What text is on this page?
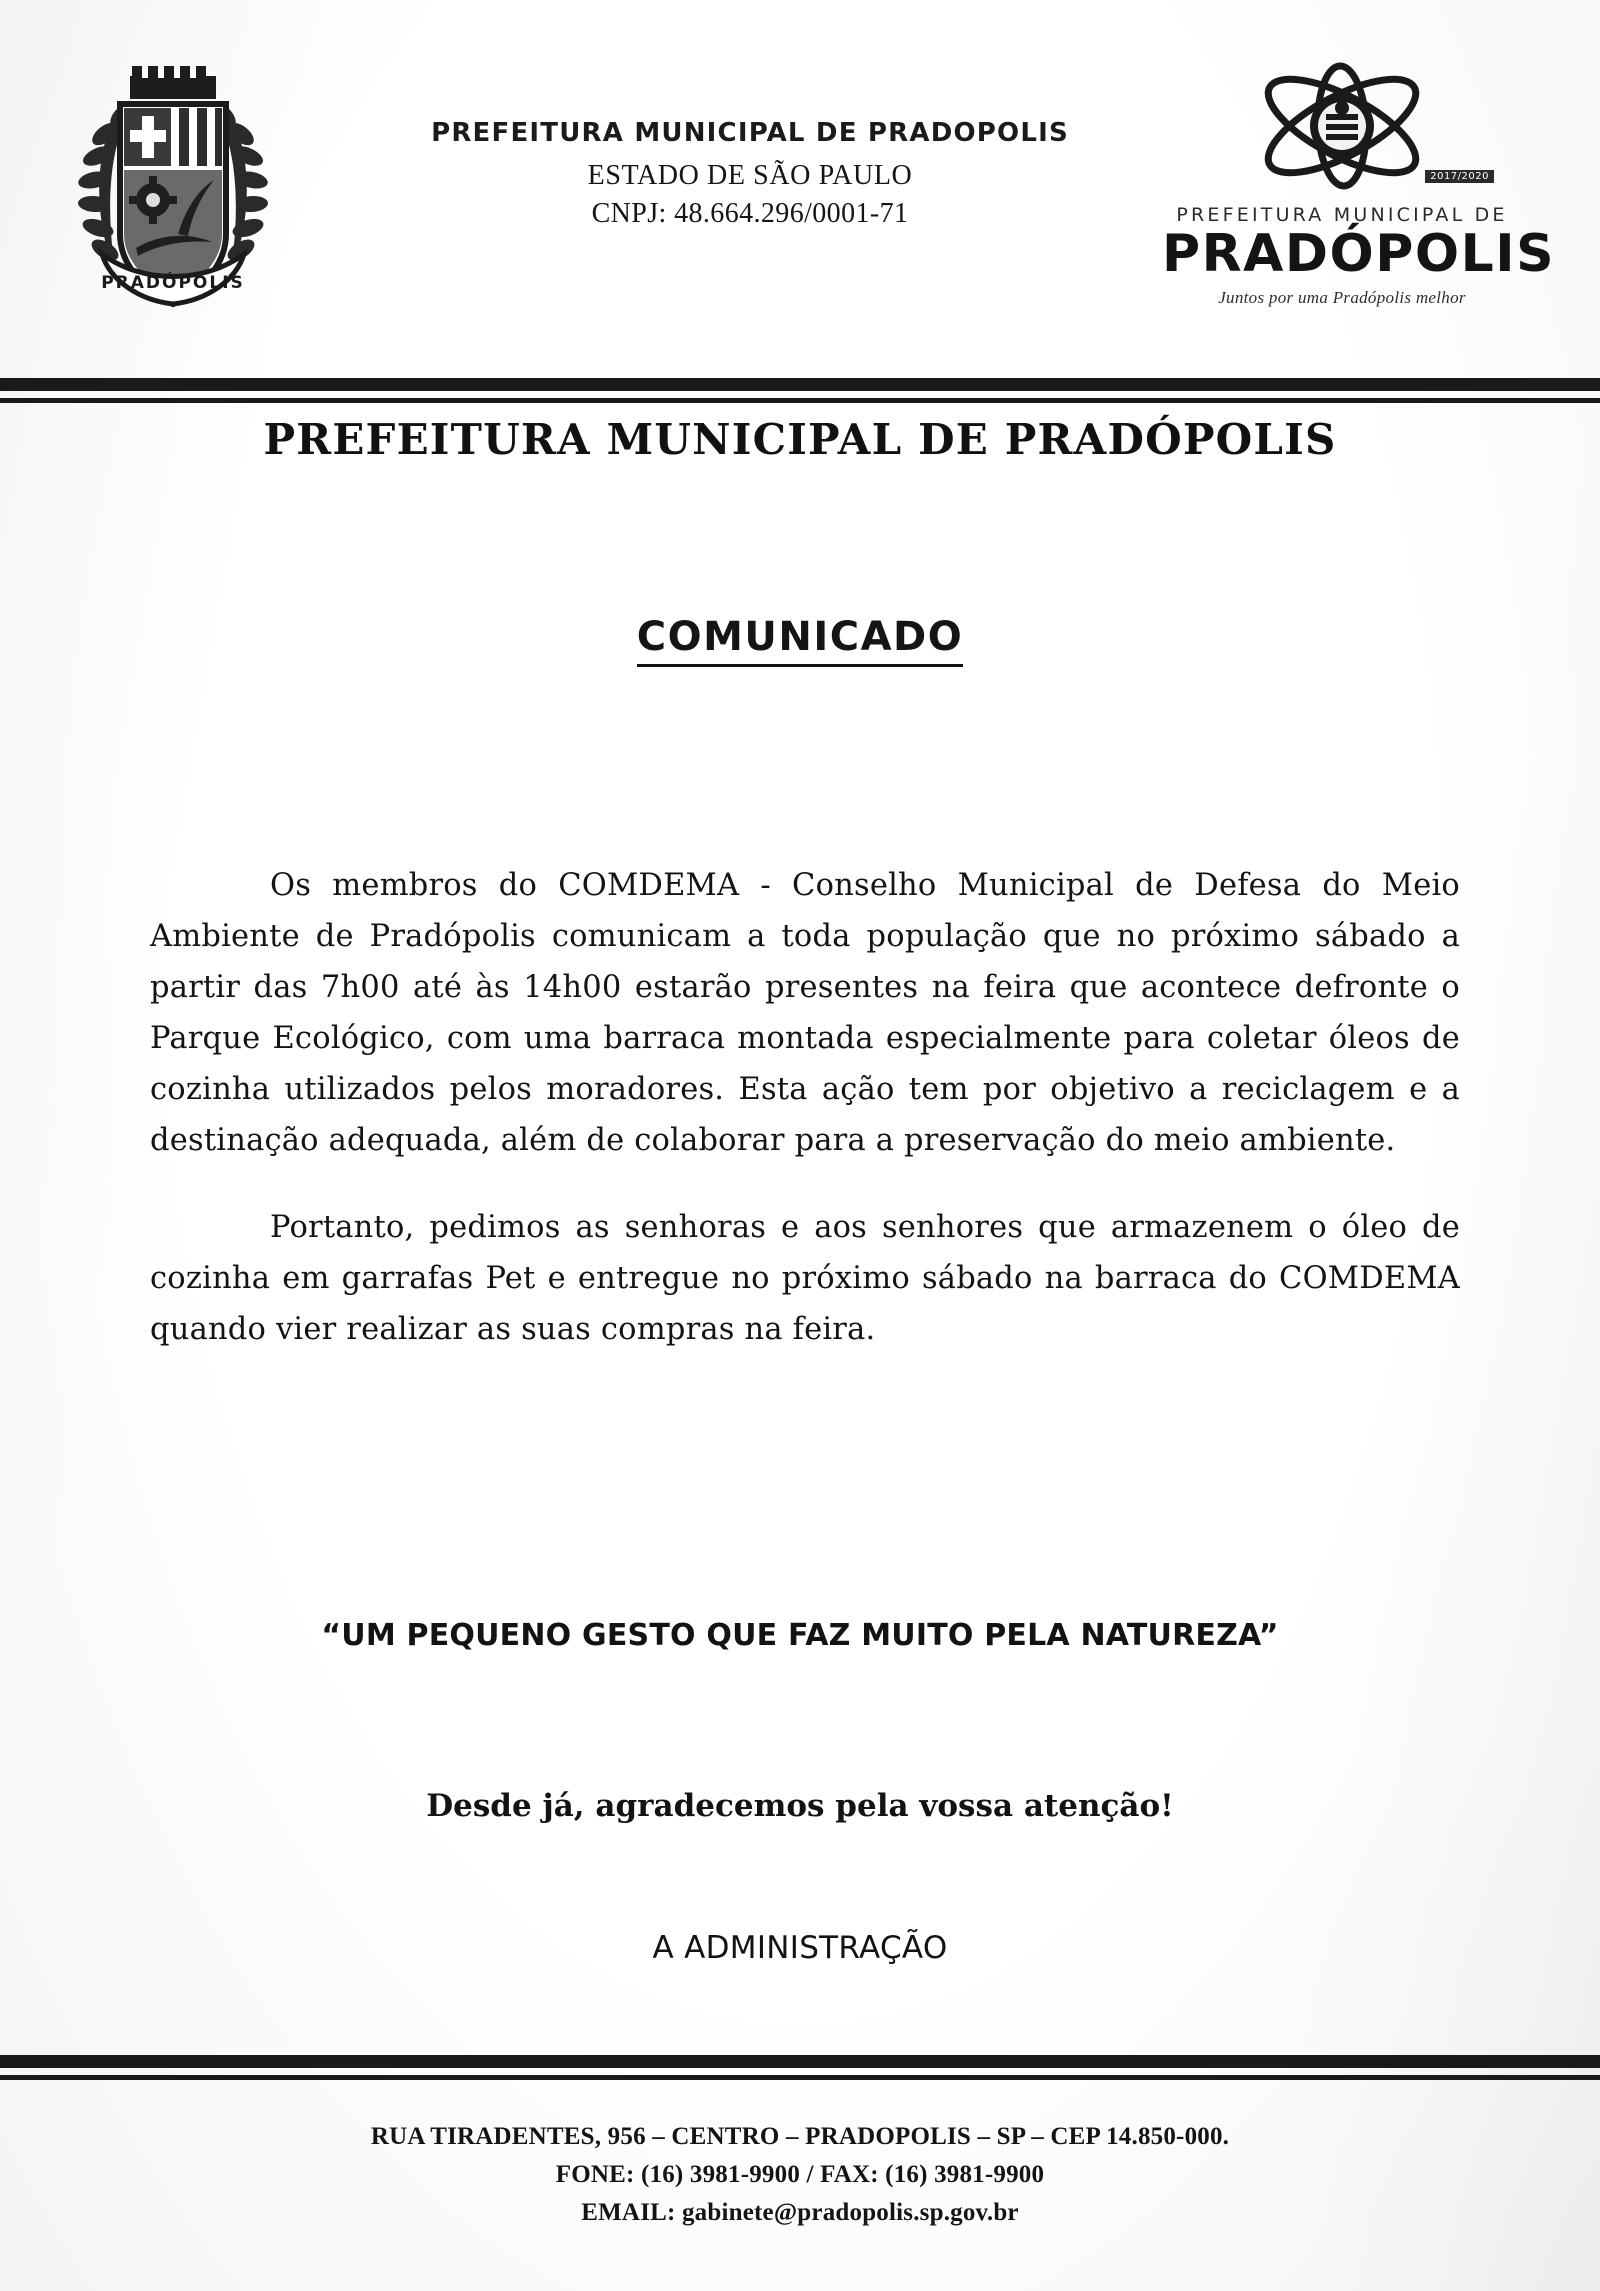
PRADÓPOLIS
PREFEITURA MUNICIPAL DE PRADOPOLIS
ESTADO DE SÃO PAULO
CNPJ: 48.664.296/0001-71
2017/2020
PREFEITURA MUNICIPAL DE
PRADÓPOLIS
Juntos por uma Pradópolis melhor
PREFEITURA MUNICIPAL DE PRADÓPOLIS
COMUNICADO

Os membros do COMDEMA - Conselho Municipal de Defesa do Meio Ambiente de Pradópolis comunicam a toda população que no próximo sábado a partir das 7h00 até às 14h00 estarão presentes na feira que acontece defronte o Parque Ecológico, com uma barraca montada especialmente para coletar óleos de cozinha utilizados pelos moradores. Esta ação tem por objetivo a reciclagem e a destinação adequada, além de colaborar para a preservação do meio ambiente.

Portanto, pedimos as senhoras e aos senhores que armazenem o óleo de cozinha em garrafas Pet e entregue no próximo sábado na barraca do COMDEMA quando vier realizar as suas compras na feira.

“UM PEQUENO GESTO QUE FAZ MUITO PELA NATUREZA”
Desde já, agradecemos pela vossa atenção!
A ADMINISTRAÇÃO
RUA TIRADENTES, 956 – CENTRO – PRADOPOLIS – SP – CEP 14.850-000.
FONE: (16) 3981-9900 / FAX: (16) 3981-9900
EMAIL: gabinete@pradopolis.sp.gov.br
